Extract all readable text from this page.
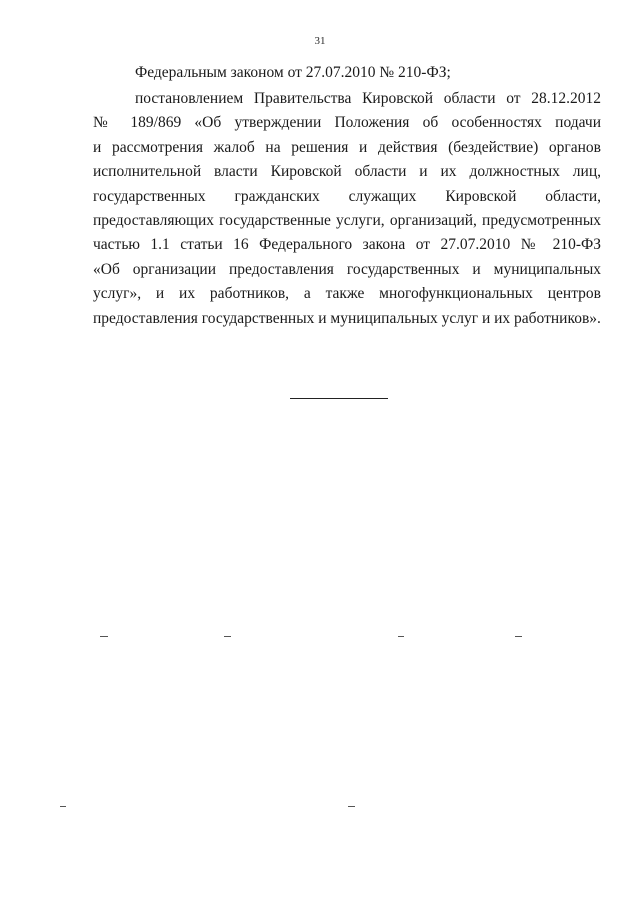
31
Федеральным законом от 27.07.2010 № 210-ФЗ;
постановлением Правительства Кировской области от 28.12.2012
№ 189/869 «Об утверждении Положения об особенностях подачи
и рассмотрения жалоб на решения и действия (бездействие) органов
исполнительной власти Кировской области и их должностных лиц,
государственных гражданских служащих Кировской области,
предоставляющих государственные услуги, организаций, предусмотренных
частью 1.1 статьи 16 Федерального закона от 27.07.2010 № 210-ФЗ
«Об организации предоставления государственных и муниципальных
услуг», и их работников, а также многофункциональных центров
предоставления государственных и муниципальных услуг и их работников».
